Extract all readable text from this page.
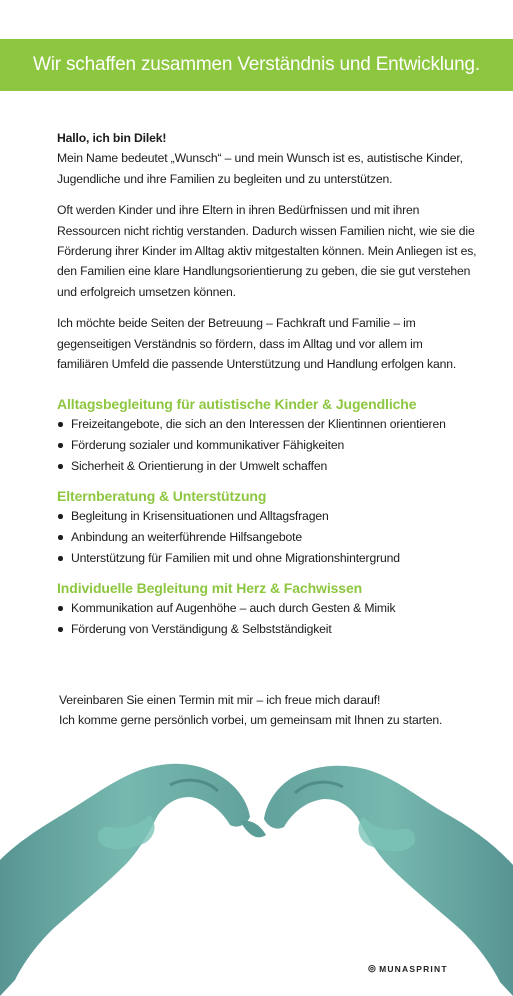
Wir schaffen zusammen Verständnis und Entwicklung.

Hallo, ich bin Dilek!
Mein Name bedeutet „Wunsch“ – und mein Wunsch ist es, autistische Kinder, Jugendliche und ihre Familien zu begleiten und zu unterstützen.

Oft werden Kinder und ihre Eltern in ihren Bedürfnissen und mit ihren Ressourcen nicht richtig verstanden. Dadurch wissen Familien nicht, wie sie die Förderung ihrer Kinder im Alltag aktiv mitgestalten können. Mein Anliegen ist es, den Familien eine klare Handlungsorientierung zu geben, die sie gut verstehen und erfolgreich umsetzen können.

Ich möchte beide Seiten der Betreuung – Fachkraft und Familie – im gegenseitigen Verständnis so fördern, dass im Alltag und vor allem im familiären Umfeld die passende Unterstützung und Handlung erfolgen kann.

Alltagsbegleitung für autistische Kinder & Jugendliche
Freizeitangebote, die sich an den Interessen der Klientinnen orientieren
Förderung sozialer und kommunikativer Fähigkeiten
Sicherheit & Orientierung in der Umwelt schaffen
Elternberatung & Unterstützung
Begleitung in Krisensituationen und Alltagsfragen
Anbindung an weiterführende Hilfsangebote
Unterstützung für Familien mit und ohne Migrationshintergrund
Individuelle Begleitung mit Herz & Fachwissen
Kommunikation auf Augenhöhe – auch durch Gesten & Mimik
Förderung von Verständigung & Selbstständigkeit
Vereinbaren Sie einen Termin mit mir – ich freue mich darauf!
Ich komme gerne persönlich vorbei, um gemeinsam mit Ihnen zu starten.
◎ MUNASPRINT
